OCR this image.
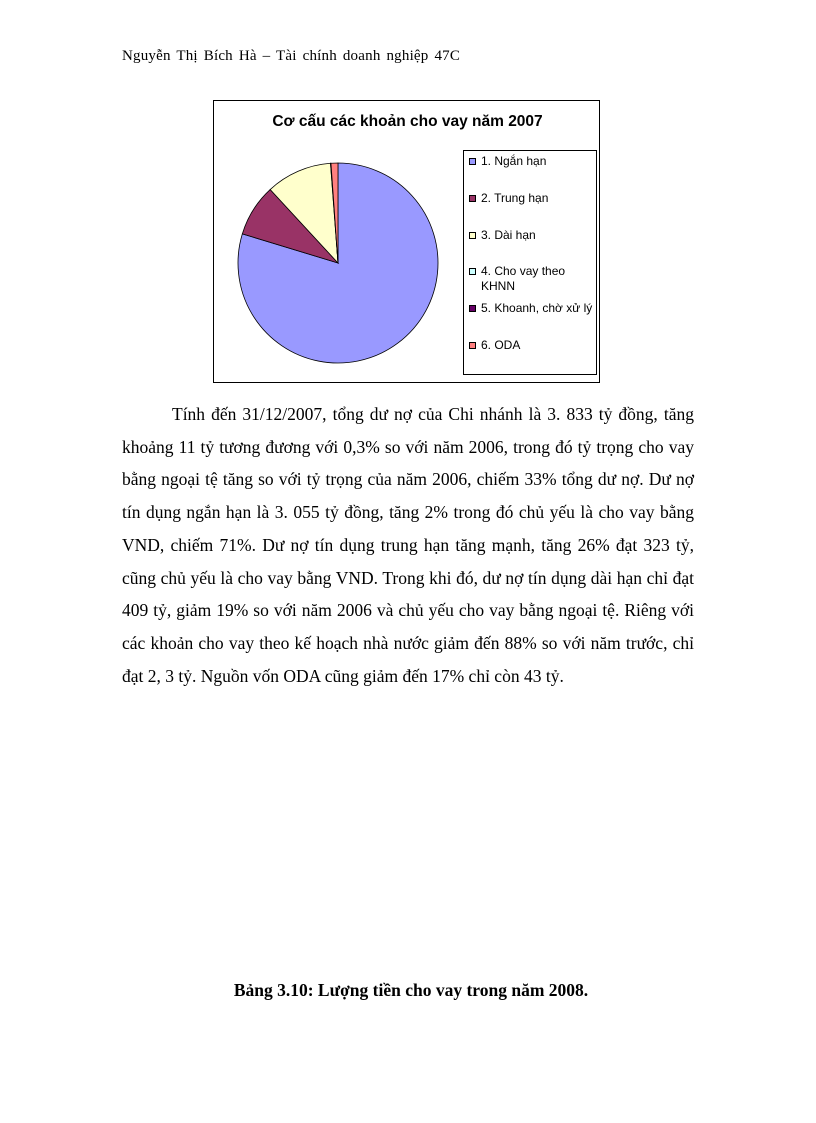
Nguyễn Thị Bích Hà – Tài chính doanh nghiệp 47C
Cơ cấu các khoản cho vay năm 2007
1. Ngắn hạn
2. Trung hạn
3. Dài hạn
4. Cho vay theo KHNN
5. Khoanh, chờ xử lý
6. ODA

Tính đến 31/12/2007, tổng dư nợ của Chi nhánh là 3. 833 tỷ đồng, tăng khoảng 11 tỷ tương đương với 0,3% so với năm 2006, trong đó tỷ trọng cho vay bằng ngoại tệ tăng so với tỷ trọng của năm 2006, chiếm 33% tổng dư nợ. Dư nợ tín dụng ngắn hạn là 3. 055 tỷ đồng, tăng 2% trong đó chủ yếu là cho vay bằng VND, chiếm 71%. Dư nợ tín dụng trung hạn tăng mạnh, tăng 26% đạt 323 tỷ, cũng chủ yếu là cho vay bằng VND. Trong khi đó, dư nợ tín dụng dài hạn chỉ đạt 409 tỷ, giảm 19% so với năm 2006 và chủ yếu cho vay bằng ngoại tệ. Riêng với các khoản cho vay theo kế hoạch nhà nước giảm đến 88% so với năm trước, chỉ đạt 2, 3 tỷ. Nguồn vốn ODA cũng giảm đến 17% chỉ còn 43 tỷ.

Bảng 3.10: Lượng tiền cho vay trong năm 2008.
